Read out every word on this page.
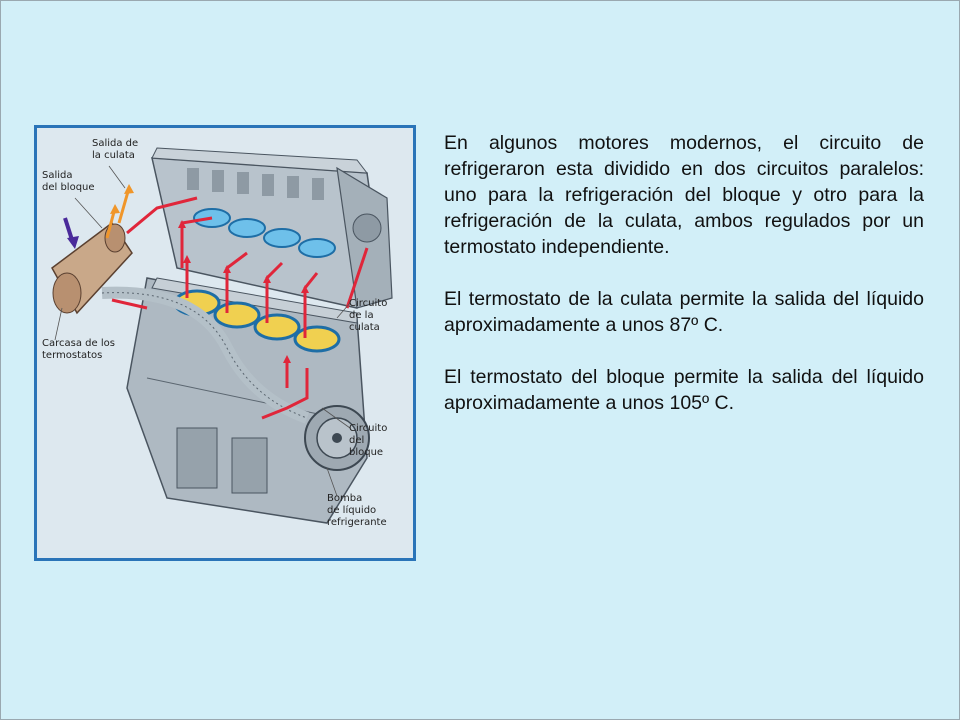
Salida de
la culata
Salida
del bloque
Carcasa de los
termostatos
Circuito
de la
culata
Circuito
del
bloque
Bomba
de líquido
refrigerante

En algunos motores modernos, el circuito de refrigeraron esta dividido en dos circuitos paralelos: uno para la refrigeración del bloque y otro para la refrigeración de la culata, ambos regulados por un termostato independiente.

El termostato de la culata permite la salida del líquido aproximadamente a unos 87º C.

El termostato del bloque permite la salida del líquido aproximadamente a unos 105º C.
